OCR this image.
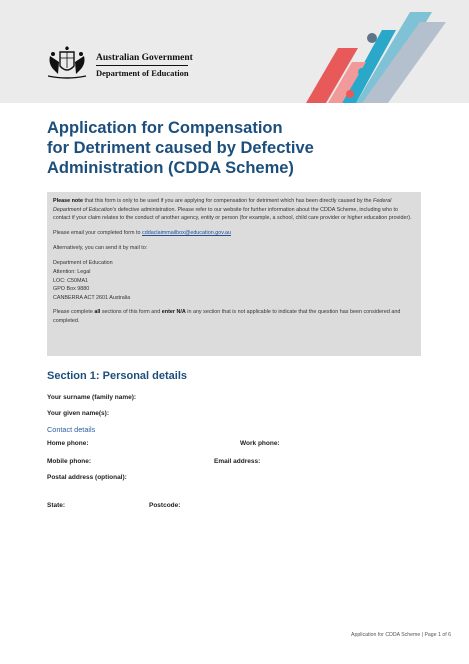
Australian Government
Department of Education
Application for Compensation
for Detriment caused by Defective
Administration (CDDA Scheme)

Please note that this form is only to be used if you are applying for compensation for detriment which has been directly caused by the Federal Department of Education's defective administration. Please refer to our website for further information about the CDDA Scheme, including who to contact if your claim relates to the conduct of another agency, entity or person (for example, a school, child care provider or higher education provider).

Please email your completed form to cddaclaimmailbox@education.gov.au

Alternatively, you can send it by mail to:

Department of Education
Attention: Legal
LOC: C50MA1
GPO Box 9880
CANBERRA ACT 2601 Australia

Please complete all sections of this form and enter N/A in any section that is not applicable to indicate that the question has been considered and completed.

Section 1: Personal details
Your surname (family name):
Your given name(s):
Contact details
Home phone:	Work phone:
Mobile phone:	Email address:
Postal address (optional):
State:	Postcode:
Application for CDDA Scheme | Page 1 of 6
